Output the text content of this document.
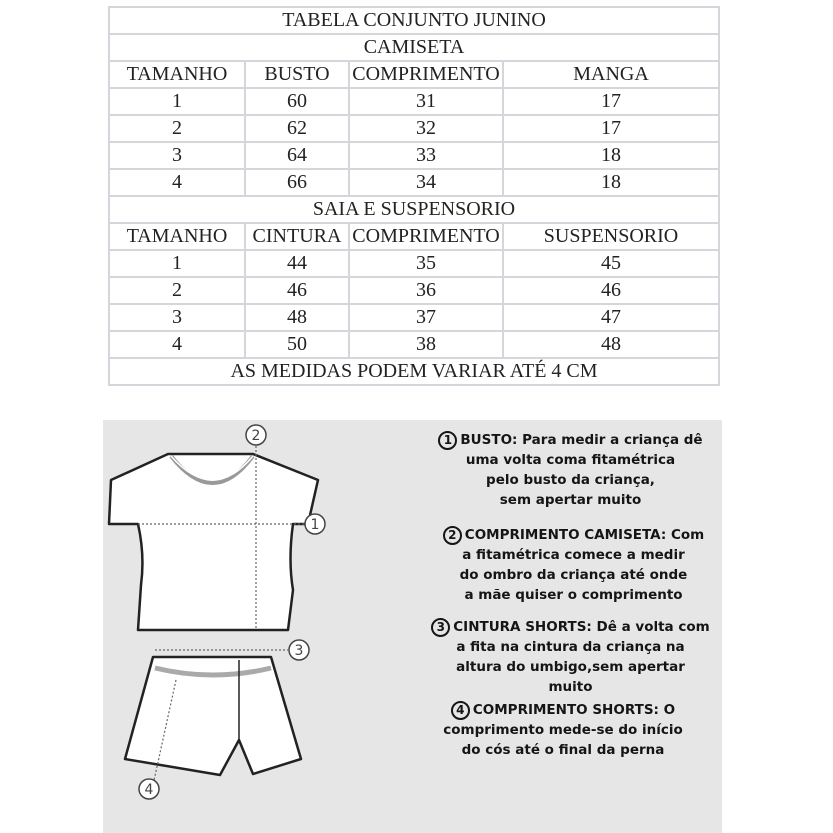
TABELA CONJUNTO JUNINO			
CAMISETA			
TAMANHO	BUSTO	COMPRIMENTO	MANGA
1	60	31	17
2	62	32	17
3	64	33	18
4	66	34	18
SAIA E SUSPENSORIO			
TAMANHO	CINTURA	COMPRIMENTO	SUSPENSORIO
1	44	35	45
2	46	36	46
3	48	37	47
4	50	38	48
AS MEDIDAS PODEM VARIAR ATÉ 4 CM			
1
2
3
4
1 BUSTO: Para medir a criança dê
uma volta coma fitamétrica
pelo busto da criança,
sem apertar muito
2 COMPRIMENTO CAMISETA: Com
a fitamétrica comece a medir
do ombro da criança até onde
a mãe quiser o comprimento
3 CINTURA SHORTS: Dê a volta com
a fita na cintura da criança na
altura do umbigo,sem apertar
muito
4 COMPRIMENTO SHORTS: O
comprimento mede-se do início
do cós até o final da perna
